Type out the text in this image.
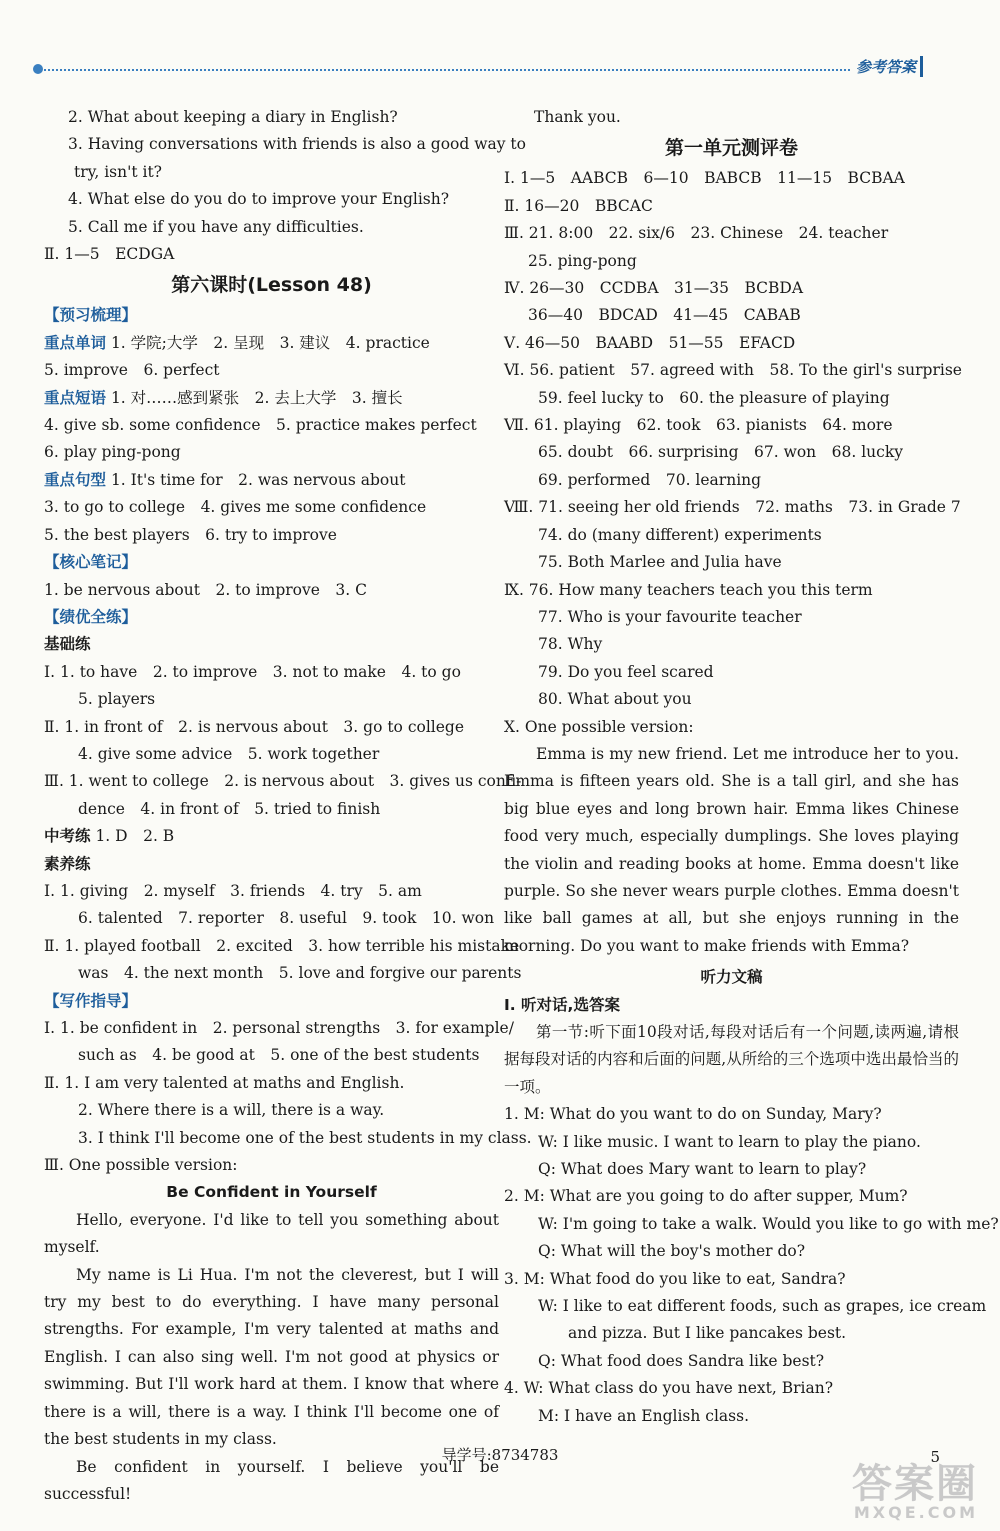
参考答案
2. What about keeping a diary in English?
3. Having conversations with friends is also a good way to
try, isn't it?
4. What else do you do to improve your English?
5. Call me if you have any difficulties.
Ⅱ. 1—5　ECDGA
第六课时(Lesson 48)
【预习梳理】
重点单词 1. 学院;大学　2. 呈现　3. 建议　4. practice
5. improve　6. perfect
重点短语 1. 对……感到紧张　2. 去上大学　3. 擅长
4. give sb. some confidence　5. practice makes perfect
6. play ping-pong
重点句型 1. It's time for　2. was nervous about
3. to go to college　4. gives me some confidence
5. the best players　6. try to improve
【核心笔记】
1. be nervous about　2. to improve　3. C
【绩优全练】
基础练
Ⅰ. 1. to have　2. to improve　3. not to make　4. to go
5. players
Ⅱ. 1. in front of　2. is nervous about　3. go to college
4. give some advice　5. work together
Ⅲ. 1. went to college　2. is nervous about　3. gives us confi-
dence　4. in front of　5. tried to finish
中考练 1. D　2. B
素养练
Ⅰ. 1. giving　2. myself　3. friends　4. try　5. am
6. talented　7. reporter　8. useful　9. took　10. won
Ⅱ. 1. played football　2. excited　3. how terrible his mistake
was　4. the next month　5. love and forgive our parents
【写作指导】
Ⅰ. 1. be confident in　2. personal strengths　3. for example/
such as　4. be good at　5. one of the best students
Ⅱ. 1. I am very talented at maths and English.
2. Where there is a will, there is a way.
3. I think I'll become one of the best students in my class.
Ⅲ. One possible version:
Be Confident in Yourself
Hello, everyone. I'd like to tell you something about myself.
My name is Li Hua. I'm not the cleverest, but I will try my best to do everything. I have many personal strengths. For example, I'm very talented at maths and English. I can also sing well. I'm not good at physics or swimming. But I'll work hard at them. I know that where there is a will, there is a way. I think I'll become one of the best students in my class.
Be confident in yourself. I believe you'll be successful!
Thank you.
第一单元测评卷
Ⅰ. 1—5　AABCB　6—10　BABCB　11—15　BCBAA
Ⅱ. 16—20　BBCAC
Ⅲ. 21. 8:00　22. six/6　23. Chinese　24. teacher
25. ping-pong
Ⅳ. 26—30　CCDBA　31—35　BCBDA
36—40　BDCAD　41—45　CABAB
Ⅴ. 46—50　BAABD　51—55　EFACD
Ⅵ. 56. patient　57. agreed with　58. To the girl's surprise
59. feel lucky to　60. the pleasure of playing
Ⅶ. 61. playing　62. took　63. pianists　64. more
65. doubt　66. surprising　67. won　68. lucky
69. performed　70. learning
Ⅷ. 71. seeing her old friends　72. maths　73. in Grade 7
74. do (many different) experiments
75. Both Marlee and Julia have
Ⅸ. 76. How many teachers teach you this term
77. Who is your favourite teacher
78. Why
79. Do you feel scared
80. What about you
Ⅹ. One possible version:
Emma is my new friend. Let me introduce her to you. Emma is fifteen years old. She is a tall girl, and she has big blue eyes and long brown hair. Emma likes Chinese food very much, especially dumplings. She loves playing the violin and reading books at home. Emma doesn't like purple. So she never wears purple clothes. Emma doesn't like ball games at all, but she enjoys running in the morning. Do you want to make friends with Emma?
听力文稿
Ⅰ. 听对话,选答案
第一节:听下面10段对话,每段对话后有一个问题,读两遍,请根据每段对话的内容和后面的问题,从所给的三个选项中选出最恰当的一项。
1. M: What do you want to do on Sunday, Mary?
W: I like music. I want to learn to play the piano.
Q: What does Mary want to learn to play?
2. M: What are you going to do after supper, Mum?
W: I'm going to take a walk. Would you like to go with me?
Q: What will the boy's mother do?
3. M: What food do you like to eat, Sandra?
W: I like to eat different foods, such as grapes, ice cream
and pizza. But I like pancakes best.
Q: What food does Sandra like best?
4. W: What class do you have next, Brian?
M: I have an English class.
导学号:8734783	5
答案圈
MXQE.COM
